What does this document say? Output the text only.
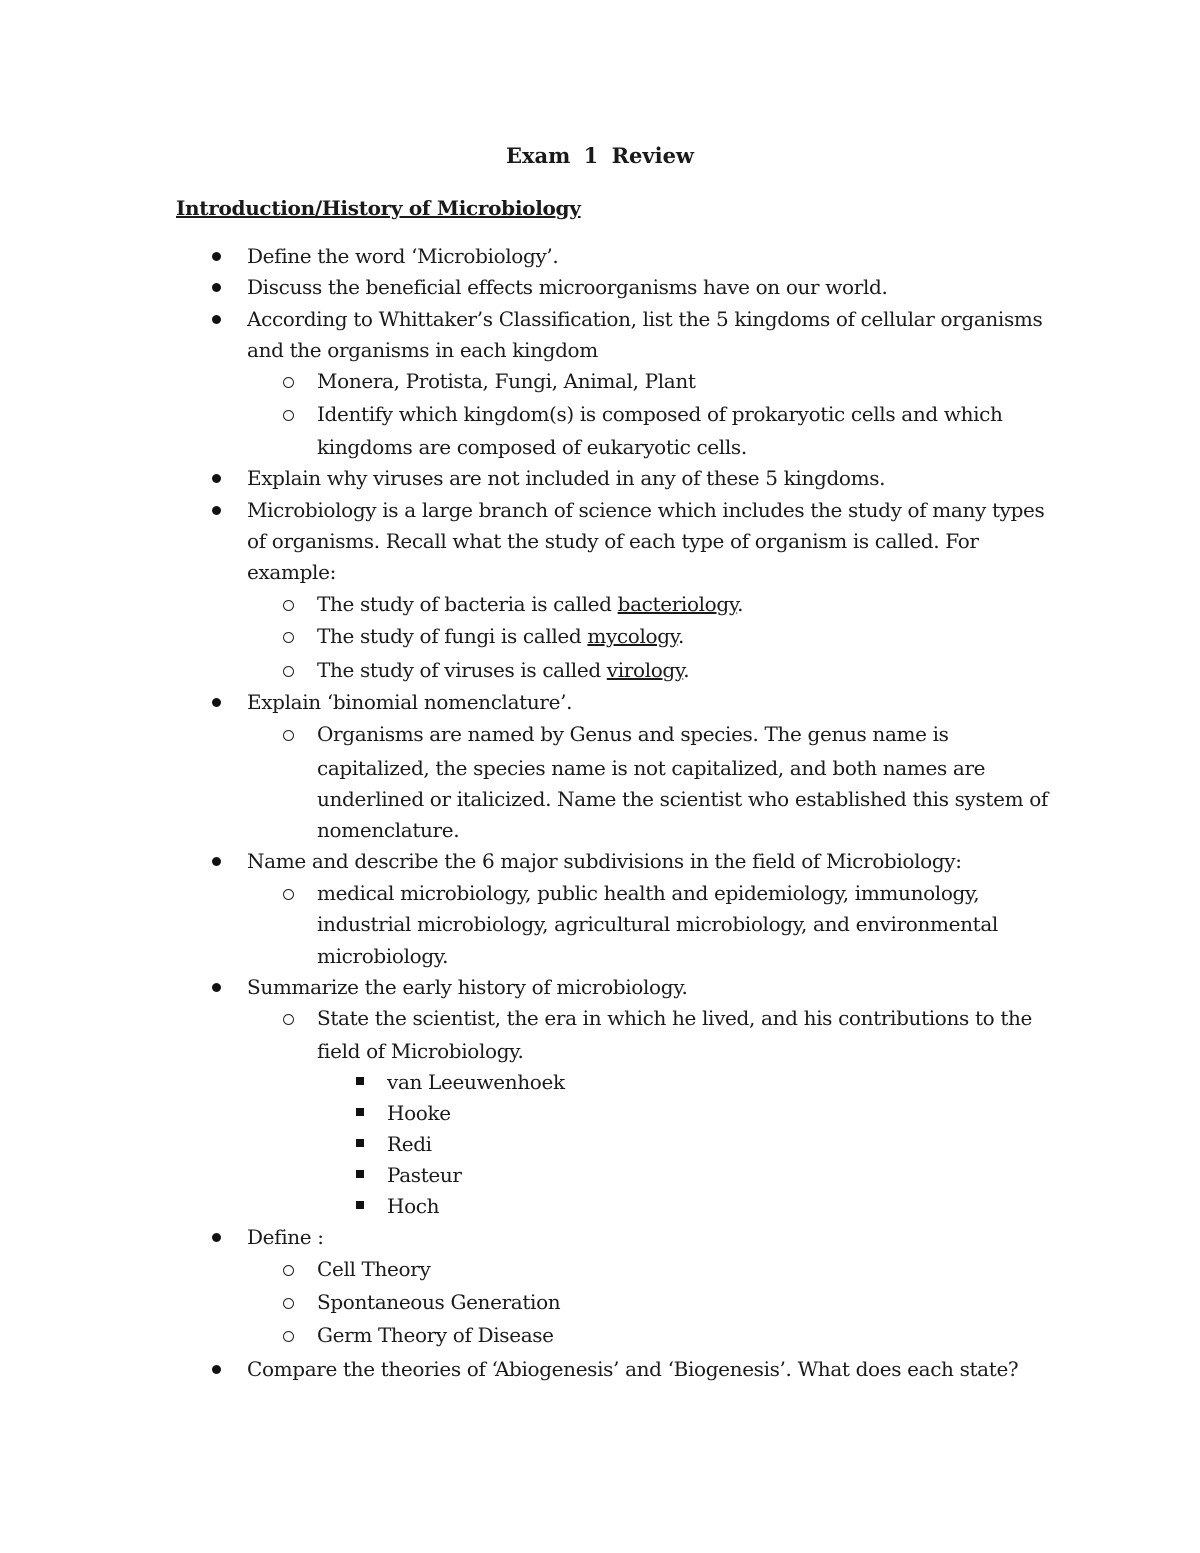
Exam 1 Review
Introduction/History of Microbiology
Define the word ‘Microbiology’.
Discuss the beneficial effects microorganisms have on our world.
According to Whittaker’s Classification, list the 5 kingdoms of cellular organisms
and the organisms in each kingdom
Monera, Protista, Fungi, Animal, Plant
Identify which kingdom(s) is composed of prokaryotic cells and which
kingdoms are composed of eukaryotic cells.
Explain why viruses are not included in any of these 5 kingdoms.
Microbiology is a large branch of science which includes the study of many types
of organisms. Recall what the study of each type of organism is called. For
example:
The study of bacteria is called bacteriology.
The study of fungi is called mycology.
The study of viruses is called virology.
Explain ‘binomial nomenclature’.
Organisms are named by Genus and species. The genus name is
capitalized, the species name is not capitalized, and both names are
underlined or italicized. Name the scientist who established this system of
nomenclature.
Name and describe the 6 major subdivisions in the field of Microbiology:
medical microbiology, public health and epidemiology, immunology,
industrial microbiology, agricultural microbiology, and environmental
microbiology.
Summarize the early history of microbiology.
State the scientist, the era in which he lived, and his contributions to the
field of Microbiology.
van Leeuwenhoek
Hooke
Redi
Pasteur
Hoch
Define :
Cell Theory
Spontaneous Generation
Germ Theory of Disease
Compare the theories of ‘Abiogenesis’ and ‘Biogenesis’. What does each state?
